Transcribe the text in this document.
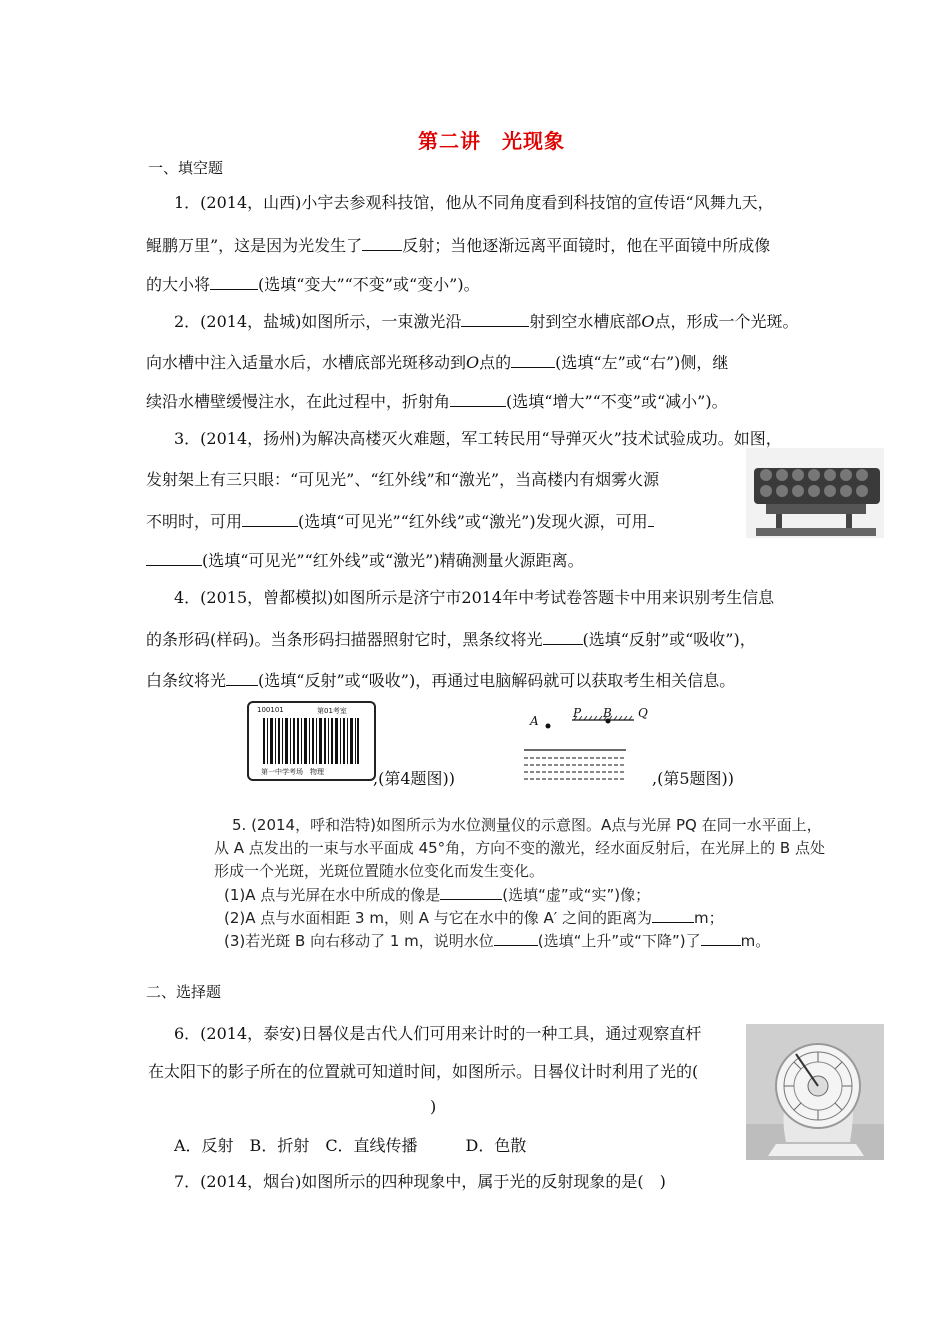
第二讲　光现象
一、填空题
1．(2014，山西)小宇去参观科技馆，他从不同角度看到科技馆的宣传语“风舞九天，
鲲鹏万里”，这是因为光发生了	反射；当他逐渐远离平面镜时，他在平面镜中所成像
的大小将	(选填“变大”“不变”或“变小”)。
2．(2014，盐城)如图所示，一束激光沿	射到空水槽底部O点，形成一个光斑。
向水槽中注入适量水后，水槽底部光斑移动到O点的	(选填“左”或“右”)侧，继
续沿水槽壁缓慢注水，在此过程中，折射角	(选填“增大”“不变”或“减小”)。
3．(2014，扬州)为解决高楼灭火难题，军工转民用“导弹灭火”技术试验成功。如图，
发射架上有三只眼：“可见光”、“红外线”和“激光”，当高楼内有烟雾火源
不明时，可用	(选填“可见光”“红外线”或“激光”)发现火源，可用
(选填“可见光”“红外线”或“激光”)精确测量火源距离。
4．(2015，曾都模拟)如图所示是济宁市2014年中考试卷答题卡中用来识别考生信息
的条形码(样码)。当条形码扫描器照射它时，黑条纹将光	(选填“反射”或“吸收”)，
白条纹将光 (选填“反射”或“吸收”)，再通过电脑解码就可以获取考生相关信息。
100101	第01考室
第一中学考场　物理	,(第4题图))
A
P B Q
,(第5题图))
5. (2014，呼和浩特)如图所示为水位测量仪的示意图。A点与光屏 PQ 在同一水平面上，
从 A 点发出的一束与水平面成 45°角，方向不变的激光，经水面反射后，在光屏上的 B 点处
形成一个光斑，光斑位置随水位变化而发生变化。
(1)A 点与光屏在水中所成的像是	(选填“虚”或“实”)像；
(2)A 点与水面相距 3 m，则 A 与它在水中的像 A′ 之间的距离为	m；
(3)若光斑 B 向右移动了 1 m，说明水位	(选填“上升”或“下降”)了	m。
二、选择题
6．(2014，泰安)日晷仪是古代人们可用来计时的一种工具，通过观察直杆
在太阳下的影子所在的位置就可知道时间，如图所示。日晷仪计时利用了光的(
)
A．反射　B．折射　C．直线传播　　　D．色散
7．(2014，烟台)如图所示的四种现象中，属于光的反射现象的是(　)
